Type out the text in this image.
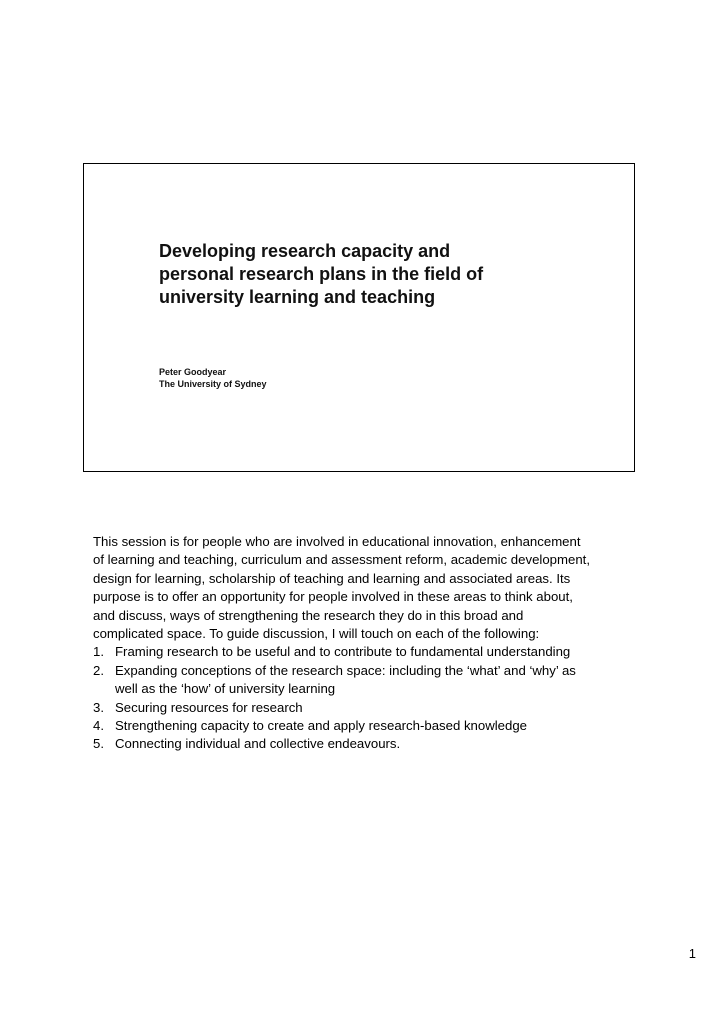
Developing research capacity and
personal research plans in the field of
university learning and teaching
Peter Goodyear
The University of Sydney
This session is for people who are involved in educational innovation, enhancement
of learning and teaching, curriculum and assessment reform, academic development,
design for learning, scholarship of teaching and learning and associated areas. Its
purpose is to offer an opportunity for people involved in these areas to think about,
and discuss, ways of strengthening the research they do in this broad and
complicated space. To guide discussion, I will touch on each of the following:
1. Framing research to be useful and to contribute to fundamental understanding
2. Expanding conceptions of the research space: including the ‘what’ and ‘why’ as
well as the ‘how’ of university learning
3. Securing resources for research
4. Strengthening capacity to create and apply research-based knowledge
5. Connecting individual and collective endeavours.
1
